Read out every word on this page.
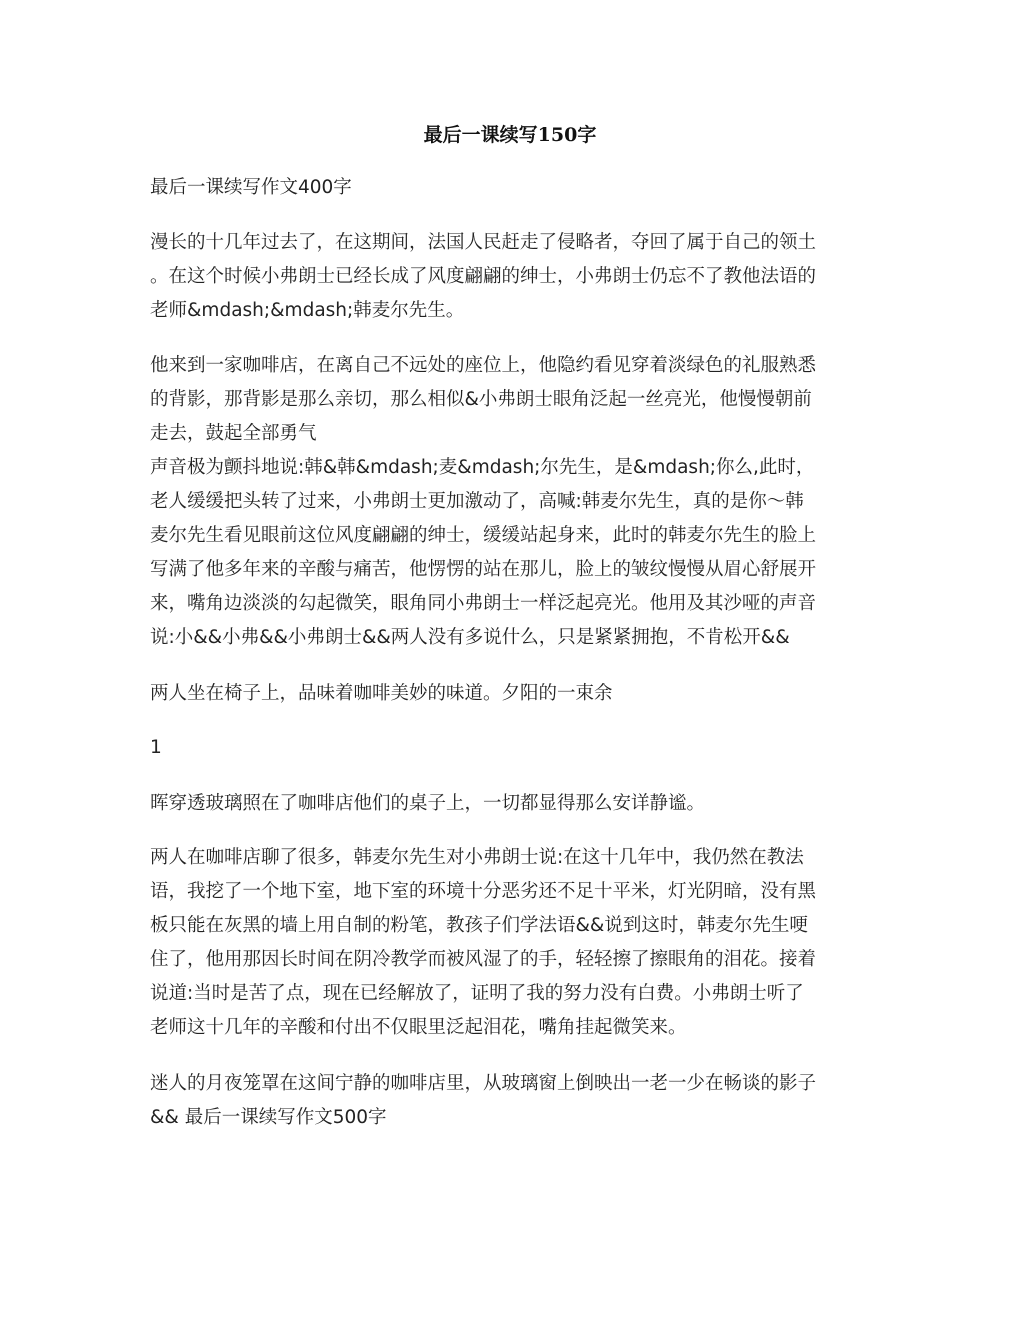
最后一课续写150字
最后一课续写作文400字
漫长的十几年过去了，在这期间，法国人民赶走了侵略者，夺回了属于自己的领土
。在这个时候小弗朗士已经长成了风度翩翩的绅士，小弗朗士仍忘不了教他法语的
老师&mdash;&mdash;韩麦尔先生。
他来到一家咖啡店，在离自己不远处的座位上，他隐约看见穿着淡绿色的礼服熟悉
的背影，那背影是那么亲切，那么相似&小弗朗士眼角泛起一丝亮光，他慢慢朝前
走去，鼓起全部勇气
声音极为颤抖地说:韩&韩&mdash;麦&mdash;尔先生，是&mdash;你么,此时，
老人缓缓把头转了过来，小弗朗士更加激动了，高喊:韩麦尔先生，真的是你～韩
麦尔先生看见眼前这位风度翩翩的绅士，缓缓站起身来，此时的韩麦尔先生的脸上
写满了他多年来的辛酸与痛苦，他愣愣的站在那儿，脸上的皱纹慢慢从眉心舒展开
来，嘴角边淡淡的勾起微笑，眼角同小弗朗士一样泛起亮光。他用及其沙哑的声音
说:小&&小弗&&小弗朗士&&两人没有多说什么，只是紧紧拥抱，不肯松开&&
两人坐在椅子上，品味着咖啡美妙的味道。夕阳的一束余
1
晖穿透玻璃照在了咖啡店他们的桌子上，一切都显得那么安详静谧。
两人在咖啡店聊了很多，韩麦尔先生对小弗朗士说:在这十几年中，我仍然在教法
语，我挖了一个地下室，地下室的环境十分恶劣还不足十平米，灯光阴暗，没有黑
板只能在灰黑的墙上用自制的粉笔，教孩子们学法语&&说到这时，韩麦尔先生哽
住了，他用那因长时间在阴冷教学而被风湿了的手，轻轻擦了擦眼角的泪花。接着
说道:当时是苦了点，现在已经解放了，证明了我的努力没有白费。小弗朗士听了
老师这十几年的辛酸和付出不仅眼里泛起泪花，嘴角挂起微笑来。
迷人的月夜笼罩在这间宁静的咖啡店里，从玻璃窗上倒映出一老一少在畅谈的影子
&& 最后一课续写作文500字
